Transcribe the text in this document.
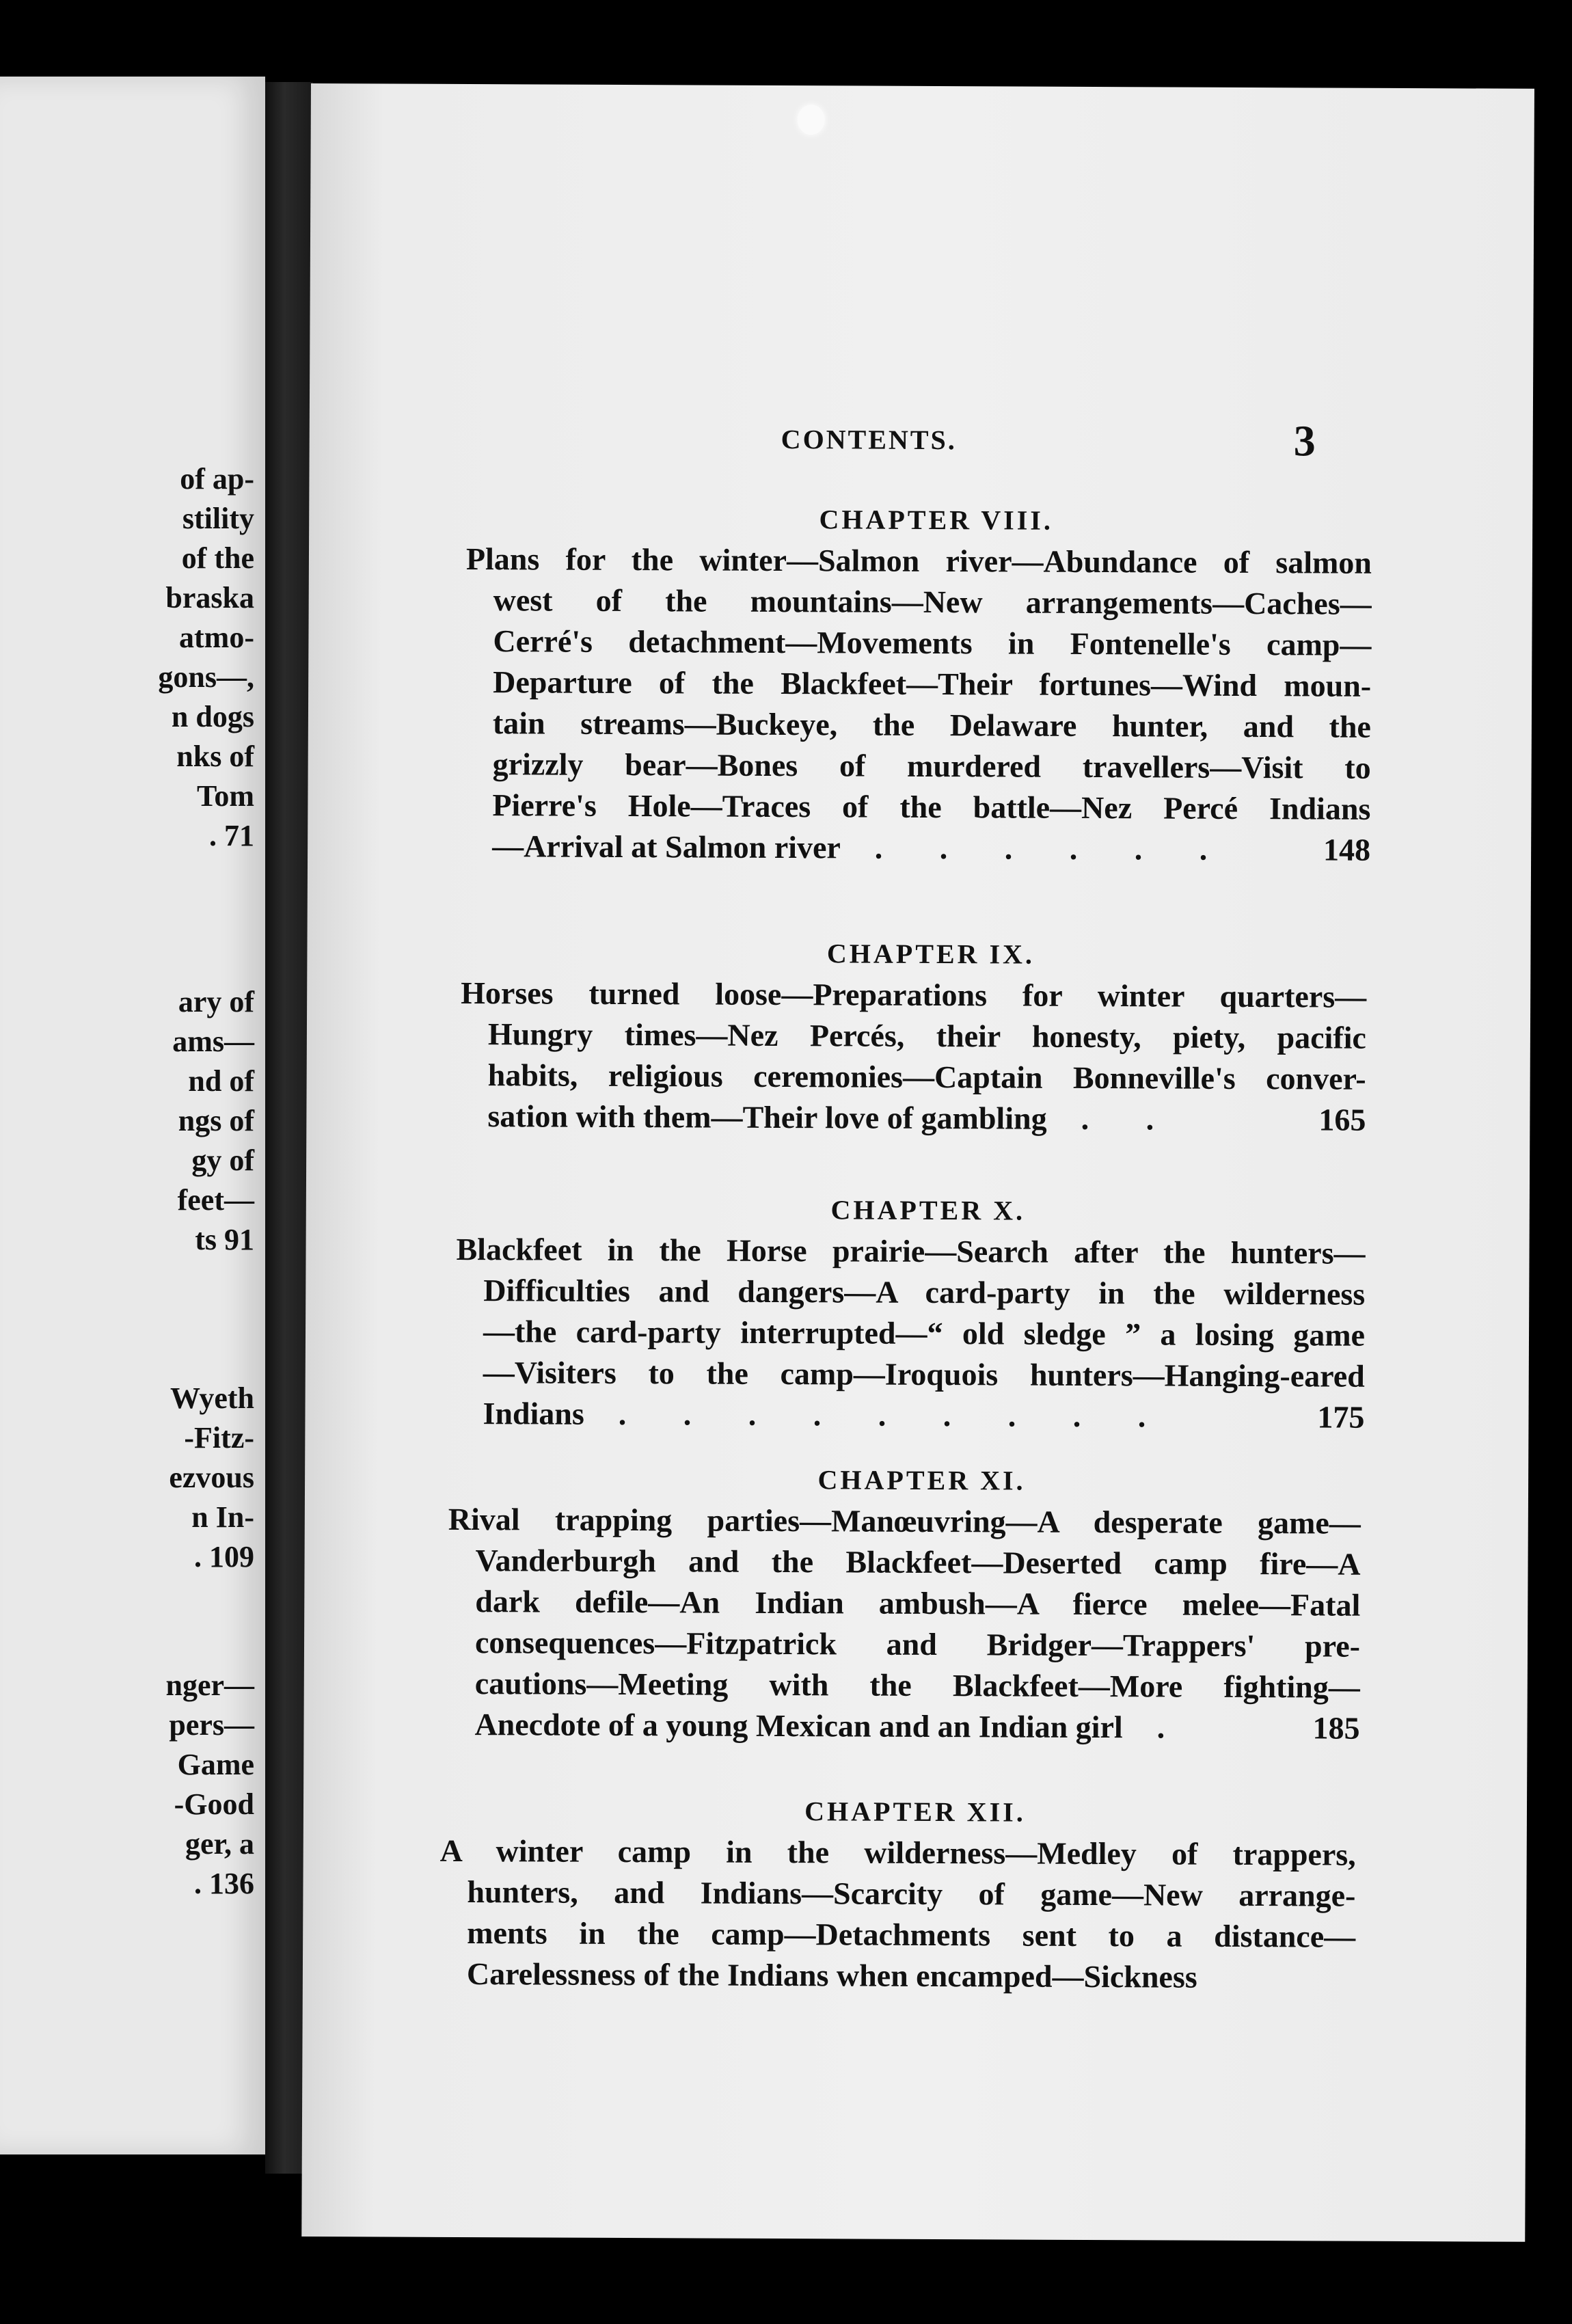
of ap-
stility
of the
braska
atmo-
gons—,
n dogs
nks of
Tom
. 71
ary of
ams—
nd of
ngs of
gy of
feet—
ts 91
Wyeth
-Fitz-
ezvous
n In-
. 109
nger—
pers—
Game
-Good
ger, a
. 136
CONTENTS.	3
CHAPTER VIII.
Plans for the winter—Salmon river—Abundance of salmon
west of the mountains—New arrangements—Caches—
Cerré's detachment—Movements in Fontenelle's camp—
Departure of the Blackfeet—Their fortunes—Wind moun-
tain streams—Buckeye, the Delaware hunter, and the
grizzly bear—Bones of murdered travellers—Visit to
Pierre's Hole—Traces of the battle—Nez Percé Indians
—Arrival at Salmon river . . . . . .	148
CHAPTER IX.
Horses turned loose—Preparations for winter quarters—
Hungry times—Nez Percés, their honesty, piety, pacific
habits, religious ceremonies—Captain Bonneville's conver-
sation with them—Their love of gambling . .	165
CHAPTER X.
Blackfeet in the Horse prairie—Search after the hunters—
Difficulties and dangers—A card-party in the wilderness
—the card-party interrupted—“ old sledge ” a losing game
—Visiters to the camp—Iroquois hunters—Hanging-eared
Indians . . . . . . . . .	175
CHAPTER XI.
Rival trapping parties—Manœuvring—A desperate game—
Vanderburgh and the Blackfeet—Deserted camp fire—A
dark defile—An Indian ambush—A fierce melee—Fatal
consequences—Fitzpatrick and Bridger—Trappers' pre-
cautions—Meeting with the Blackfeet—More fighting—
Anecdote of a young Mexican and an Indian girl .	185
CHAPTER XII.
A winter camp in the wilderness—Medley of trappers,
hunters, and Indians—Scarcity of game—New arrange-
ments in the camp—Detachments sent to a distance—
Carelessness of the Indians when encamped—Sickness
